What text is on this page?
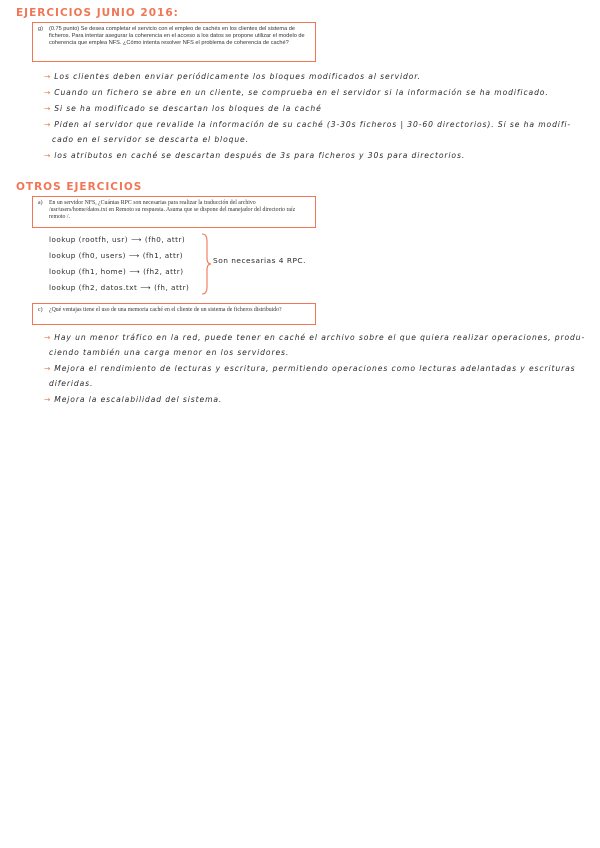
EJERCICIOS JUNIO 2016:
g) (0.75 punto) Se desea completar el servicio con el empleo de cachés en los clientes del sistema de ficheros. Para intentar asegurar la coherencia en el acceso a los datos se propone utilizar el modelo de coherencia que emplea NFS. ¿Cómo intenta resolver NFS el problema de coherencia de caché?
→ Los clientes deben enviar periódicamente los bloques modificados al servidor.
→ Cuando un fichero se abre en un cliente, se comprueba en el servidor si la información se ha modificado.
→ Si se ha modificado se descartan los bloques de la caché
→ Piden al servidor que revalide la información de su caché (3-30s ficheros | 30-60 directorios). Si se ha modifi-
cado en el servidor se descarta el bloque.
→ los atributos en caché se descartan después de 3s para ficheros y 30s para directorios.
OTROS EJERCICIOS
a) En un servidor NFS, ¿Cuántas RPC son necesarias para realizar la traducción del archivo /usr/users/home/datos.txt en Remoto su respuesta. Asuma que se dispone del manejador del directorio raíz remoto /.
lookup (rootfh, usr) ⟶ (fh0, attr)
lookup (fh0, users) ⟶ (fh1, attr)
lookup (fh1, home) ⟶ (fh2, attr)
lookup (fh2, datos.txt ⟶ (fh, attr)
Son necesarias 4 RPC.
c) ¿Qué ventajas tiene el uso de una memoria caché en el cliente de un sistema de ficheros distribuido?
→ Hay un menor tráfico en la red, puede tener en caché el archivo sobre el que quiera realizar operaciones, produ-
ciendo también una carga menor en los servidores.
→ Mejora el rendimiento de lecturas y escritura, permitiendo operaciones como lecturas adelantadas y escrituras
diferidas.
→ Mejora la escalabilidad del sistema.
